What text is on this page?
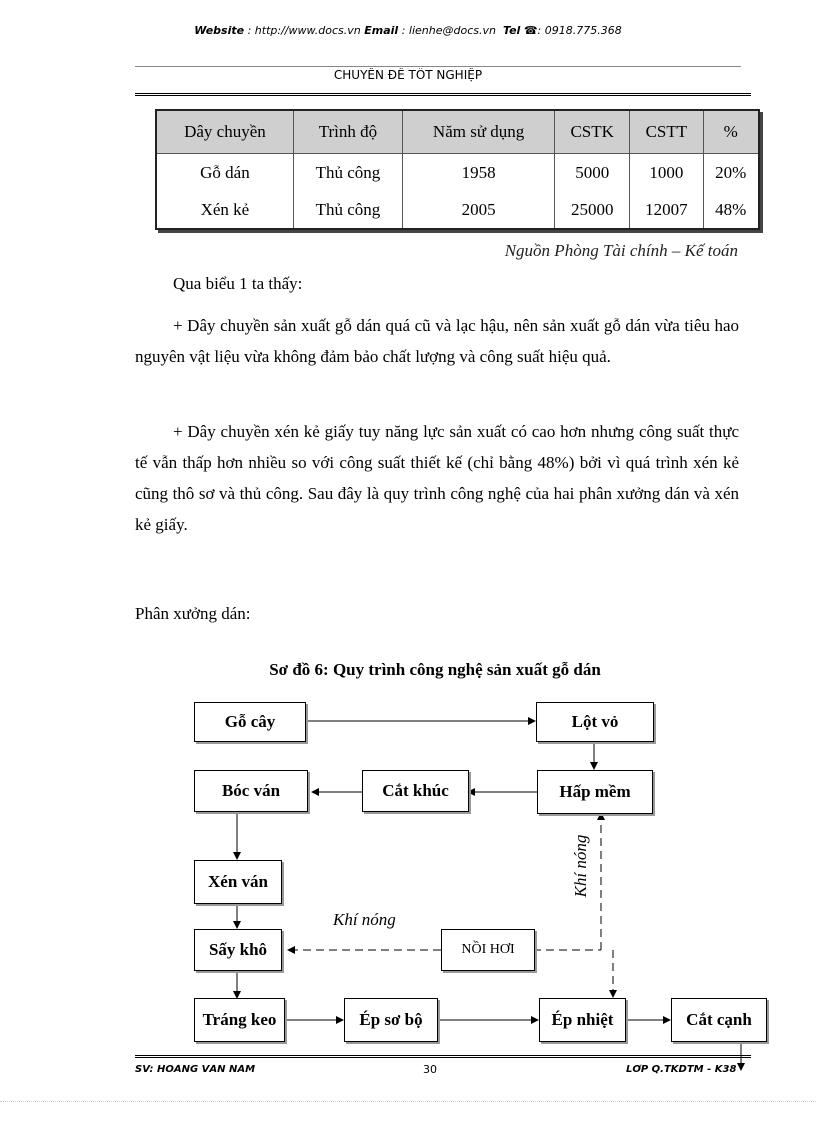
Website : http://www.docs.vn Email : lienhe@docs.vn Tel ☎: 0918.775.368
CHUYÊN ĐỀ TỐT NGHIỆP
Dây chuyền	Trình độ	Năm sử dụng	CSTK	CSTT	%
Gỗ dán	Thủ công	1958	5000	1000	20%
Xén kẻ	Thủ công	2005	25000	12007	48%
Nguồn Phòng Tài chính – Kế toán
Qua biểu 1 ta thấy:
+ Dây chuyền sản xuất gỗ dán quá cũ và lạc hậu, nên sản xuất gỗ dán vừa tiêu hao nguyên vật liệu vừa không đảm bảo chất lượng và công suất hiệu quả.
+ Dây chuyền xén kẻ giấy tuy năng lực sản xuất có cao hơn nhưng công suất thực tế vẫn thấp hơn nhiều so với công suất thiết kế (chỉ bằng 48%) bởi vì quá trình xén kẻ cũng thô sơ và thủ công. Sau đây là quy trình công nghệ của hai phân xưởng dán và xén kẻ giấy.
Phân xưởng dán:
Sơ đồ 6: Quy trình công nghệ sản xuất gỗ dán
Gỗ cây	Lột vỏ
Hấp mềm
Cắt khúc
Bóc ván
Xén ván
Sấy khô	NỒI HƠI
Tráng keo	Ép sơ bộ	Ép nhiệt	Cắt cạnh
Khí nóng
Khí nóng
SV: HOÀNG VĂN NĂM	30	LỚP Q.TKDTM - K38
